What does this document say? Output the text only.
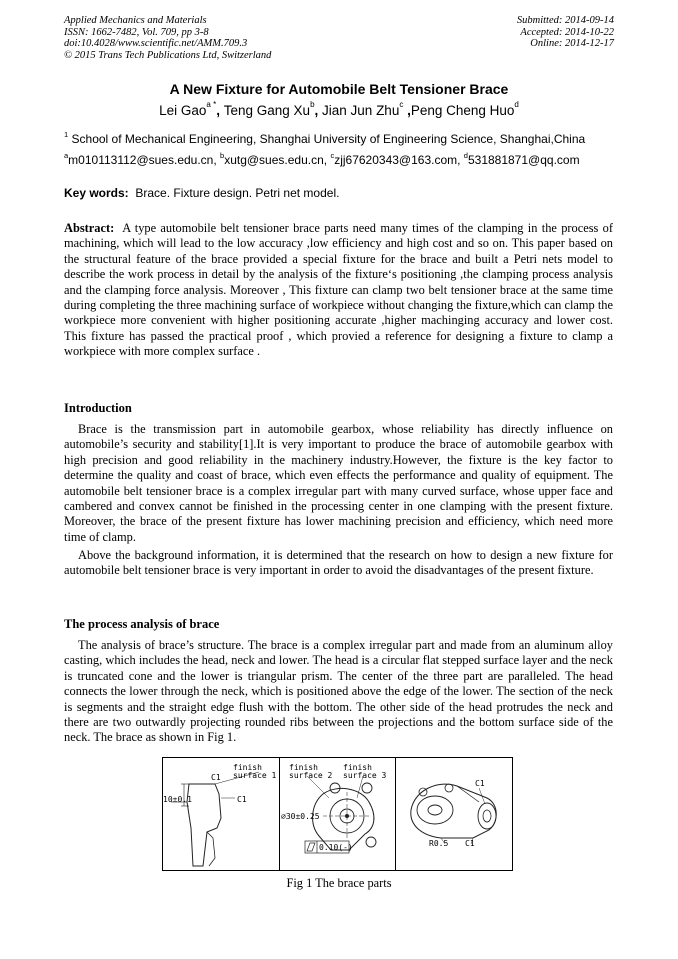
Applied Mechanics and Materials
ISSN: 1662-7482, Vol. 709, pp 3-8
doi:10.4028/www.scientific.net/AMM.709.3
© 2015 Trans Tech Publications Ltd, Switzerland
Submitted: 2014-09-14
Accepted: 2014-10-22
Online: 2014-12-17
A New Fixture for Automobile Belt Tensioner Brace
Lei Gao$^{a *}$, Teng Gang Xu$^b$, Jian Jun Zhu$^c$ ,Peng Cheng Huo$^d$
$^1$ School of Mechanical Engineering, Shanghai University of Engineering Science, Shanghai,China
$^a$m010113112@sues.edu.cn, $^b$xutg@sues.edu.cn, $^c$zjj67620343@163.com, $^d$531881871@qq.com
Key words: Brace. Fixture design. Petri net model.
Abstract: A type automobile belt tensioner brace parts need many times of the clamping in the process of machining, which will lead to the low accuracy ,low efficiency and high cost and so on. This paper based on the structural feature of the brace provided a special fixture for the brace and built a Petri nets model to describe the work process in detail by the analysis of the fixture‘s positioning ,the clamping process analysis and the clamping force analysis. Moreover , This fixture can clamp two belt tensioner brace at the same time during completing the three machining surface of workpiece without changing the fixture,which can clamp the workpiece more convenient with higher positioning accurate ,higher machinging accuracy and lower cost. This fixture has passed the practical proof , which provied a reference for designing a fixture to clamp a workpiece with more complex surface .
Introduction
Brace is the transmission part in automobile gearbox, whose reliability has directly influence on automobile’s security and stability[1].It is very important to produce the brace of automobile gearbox with high precision and good reliability in the machinery industry.However, the fixture is the key factor to determine the quality and coast of brace, which even effects the performance and quality of equipment. The automobile belt tensioner brace is a complex irregular part with many curved surface, whose upper face and cambered and convex cannot be finished in the processing center in one clamping with the present fixture. Moreover, the brace of the present fixture has lower machining precision and efficiency, which need more time of clamp.
Above the background information, it is determined that the research on how to design a new fixture for automobile belt tensioner brace is very important in order to avoid the disadvantages of the present fixture.
The process analysis of brace
The analysis of brace’s structure. The brace is a complex irregular part and made from an aluminum alloy casting, which includes the head, neck and lower. The head is a circular flat stepped surface layer and the neck is truncated cone and the lower is triangular prism. The center of the three part are paralleled. The head connects the lower through the neck, which is positioned above the edge of the lower. The section of the neck is segments and the straight edge flush with the bottom. The other side of the head protrudes the neck and there are two outwardly projecting rounded ribs between the projections and the bottom surface side of the neck. The brace as shown in Fig 1.
finish
surface 1
C1
C1
10±0.1
finish
surface 2
finish
surface 3
⌀30±0.25
0.10(-)
C1
R0.5 C1
Fig 1 The brace parts
